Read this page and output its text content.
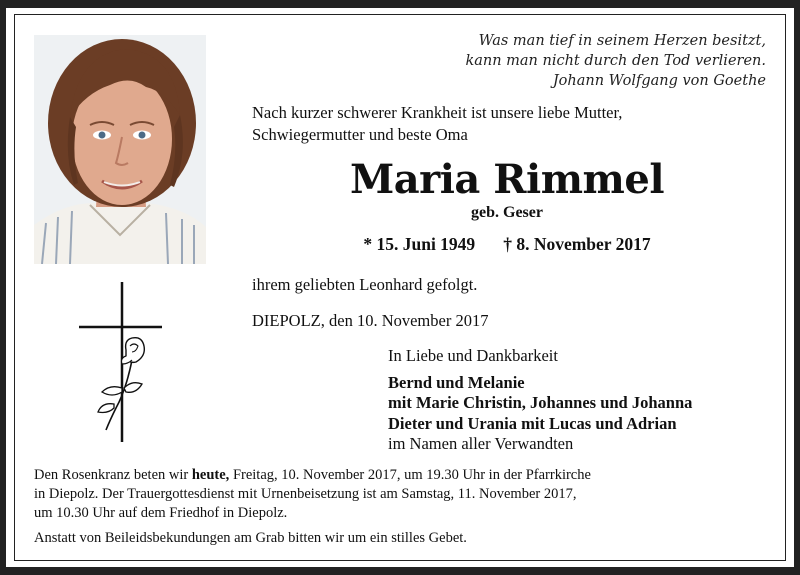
Was man tief in seinem Herzen besitzt,
kann man nicht durch den Tod verlieren.
Johann Wolfgang von Goethe
Nach kurzer schwerer Krankheit ist unsere liebe Mutter,
Schwiegermutter und beste Oma
Maria Rimmel
geb. Geser
* 15. Juni 1949 † 8. November 2017
ihrem geliebten Leonhard gefolgt.
DIEPOLZ, den 10. November 2017
In Liebe und Dankbarkeit
Bernd und Melanie
mit Marie Christin, Johannes und Johanna
Dieter und Urania mit Lucas und Adrian
im Namen aller Verwandten
Den Rosenkranz beten wir heute, Freitag, 10. November 2017, um 19.30 Uhr in der Pfarrkirche
in Diepolz. Der Trauergottesdienst mit Urnenbeisetzung ist am Samstag, 11. November 2017,
um 10.30 Uhr auf dem Friedhof in Diepolz.
Anstatt von Beileidsbekundungen am Grab bitten wir um ein stilles Gebet.
